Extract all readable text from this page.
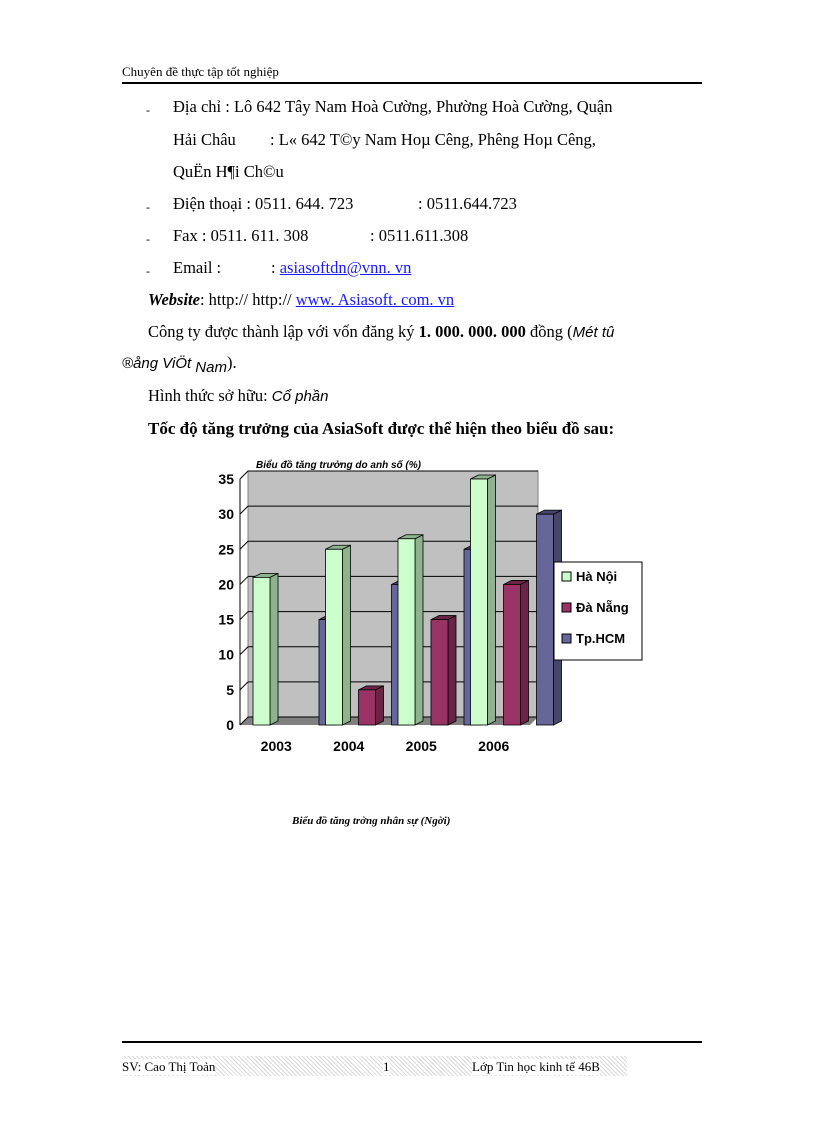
Chuyên đề thực tập tốt nghiệp
- Địa chỉ : Lô 642 Tây Nam Hoà Cường, Phường Hoà Cường, Quận
Hải Châu : L« 642 T©y Nam Hoµ Cêng, Phêng Hoµ Cêng,
QuËn H¶i Ch©u
- Điện thoại : 0511. 644. 723	: 0511.644.723
- Fax : 0511. 611. 308	: 0511.611.308
- Email :	: asiasoftdn@vnn. vn
Website: http:// http:// www. Asiasoft. com. vn
Công ty được thành lập với vốn đăng ký 1. 000. 000. 000 đồng (Mét tû
®ång ViÖt Nam).
Hình thức sở hữu: Cổ phần
Tốc độ tăng trưởng của AsiaSoft được thể hiện theo biểu đồ sau:
0
5
10
15
20
25
30
35
2003	2004	2005	2006
Biểu đồ tăng trưởng do anh số (%)
Hà Nội
Đà Nẵng
Tp.HCM
Biểu đồ tăng trởng nhân sự (Ngời)
SV: Cao Thị Toản	1	Lớp Tin học kinh tế 46B
